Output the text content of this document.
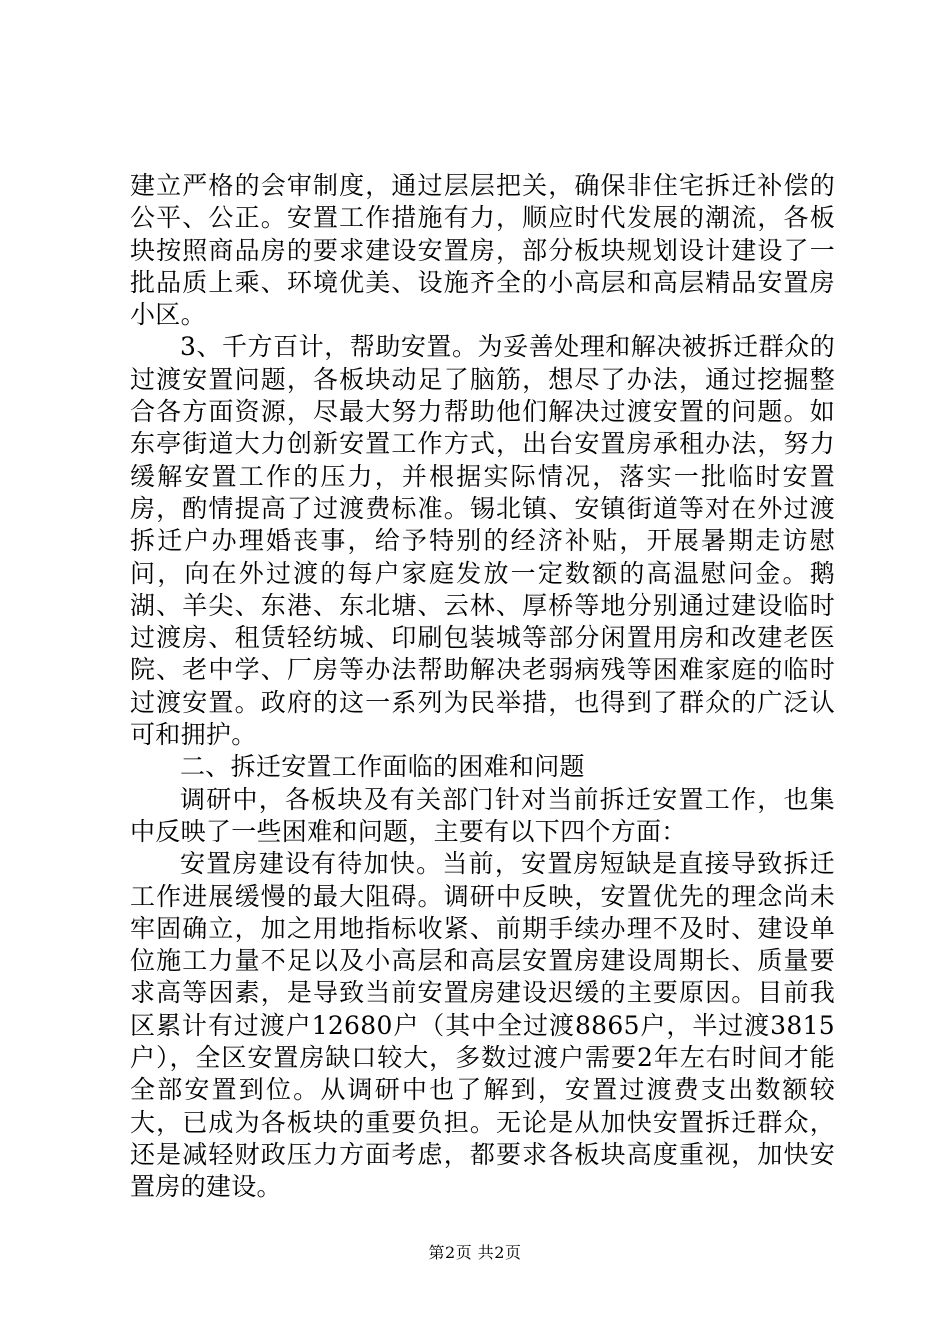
建立严格的会审制度，通过层层把关，确保非住宅拆迁补偿的公平、公正。安置工作措施有力，顺应时代发展的潮流，各板块按照商品房的要求建设安置房，部分板块规划设计建设了一批品质上乘、环境优美、设施齐全的小高层和高层精品安置房小区。

3、千方百计，帮助安置。为妥善处理和解决被拆迁群众的过渡安置问题，各板块动足了脑筋，想尽了办法，通过挖掘整合各方面资源，尽最大努力帮助他们解决过渡安置的问题。如东亭街道大力创新安置工作方式，出台安置房承租办法，努力缓解安置工作的压力，并根据实际情况，落实一批临时安置房，酌情提高了过渡费标准。锡北镇、安镇街道等对在外过渡拆迁户办理婚丧事，给予特别的经济补贴，开展暑期走访慰问，向在外过渡的每户家庭发放一定数额的高温慰问金。鹅湖、羊尖、东港、东北塘、云林、厚桥等地分别通过建设临时过渡房、租赁轻纺城、印刷包装城等部分闲置用房和改建老医院、老中学、厂房等办法帮助解决老弱病残等困难家庭的临时过渡安置。政府的这一系列为民举措，也得到了群众的广泛认可和拥护。

二、拆迁安置工作面临的困难和问题

调研中，各板块及有关部门针对当前拆迁安置工作，也集中反映了一些困难和问题，主要有以下四个方面：

安置房建设有待加快。当前，安置房短缺是直接导致拆迁工作进展缓慢的最大阻碍。调研中反映，安置优先的理念尚未牢固确立，加之用地指标收紧、前期手续办理不及时、建设单位施工力量不足以及小高层和高层安置房建设周期长、质量要求高等因素，是导致当前安置房建设迟缓的主要原因。目前我区累计有过渡户12680户（其中全过渡8865户，半过渡3815户），全区安置房缺口较大，多数过渡户需要2年左右时间才能全部安置到位。从调研中也了解到，安置过渡费支出数额较大，已成为各板块的重要负担。无论是从加快安置拆迁群众，还是减轻财政压力方面考虑，都要求各板块高度重视，加快安置房的建设。

第2页 共2页
